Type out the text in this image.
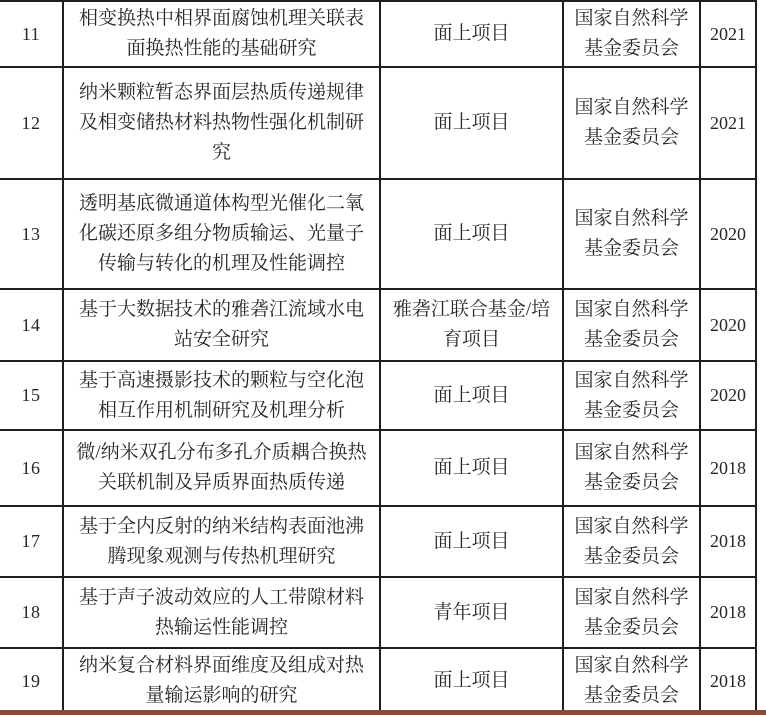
11	相变换热中相界面腐蚀机理关联表面换热性能的基础研究	面上项目	国家自然科学基金委员会	2021
12	纳米颗粒暂态界面层热质传递规律及相变储热材料热物性强化机制研究	面上项目	国家自然科学基金委员会	2021
13	透明基底微通道体构型光催化二氧化碳还原多组分物质输运、光量子传输与转化的机理及性能调控	面上项目	国家自然科学基金委员会	2020
14	基于大数据技术的雅砻江流域水电站安全研究	雅砻江联合基金/培育项目	国家自然科学基金委员会	2020
15	基于高速摄影技术的颗粒与空化泡相互作用机制研究及机理分析	面上项目	国家自然科学基金委员会	2020
16	微/纳米双孔分布多孔介质耦合换热关联机制及异质界面热质传递	面上项目	国家自然科学基金委员会	2018
17	基于全内反射的纳米结构表面池沸腾现象观测与传热机理研究	面上项目	国家自然科学基金委员会	2018
18	基于声子波动效应的人工带隙材料热输运性能调控	青年项目	国家自然科学基金委员会	2018
19	纳米复合材料界面维度及组成对热量输运影响的研究	面上项目	国家自然科学基金委员会	2018
